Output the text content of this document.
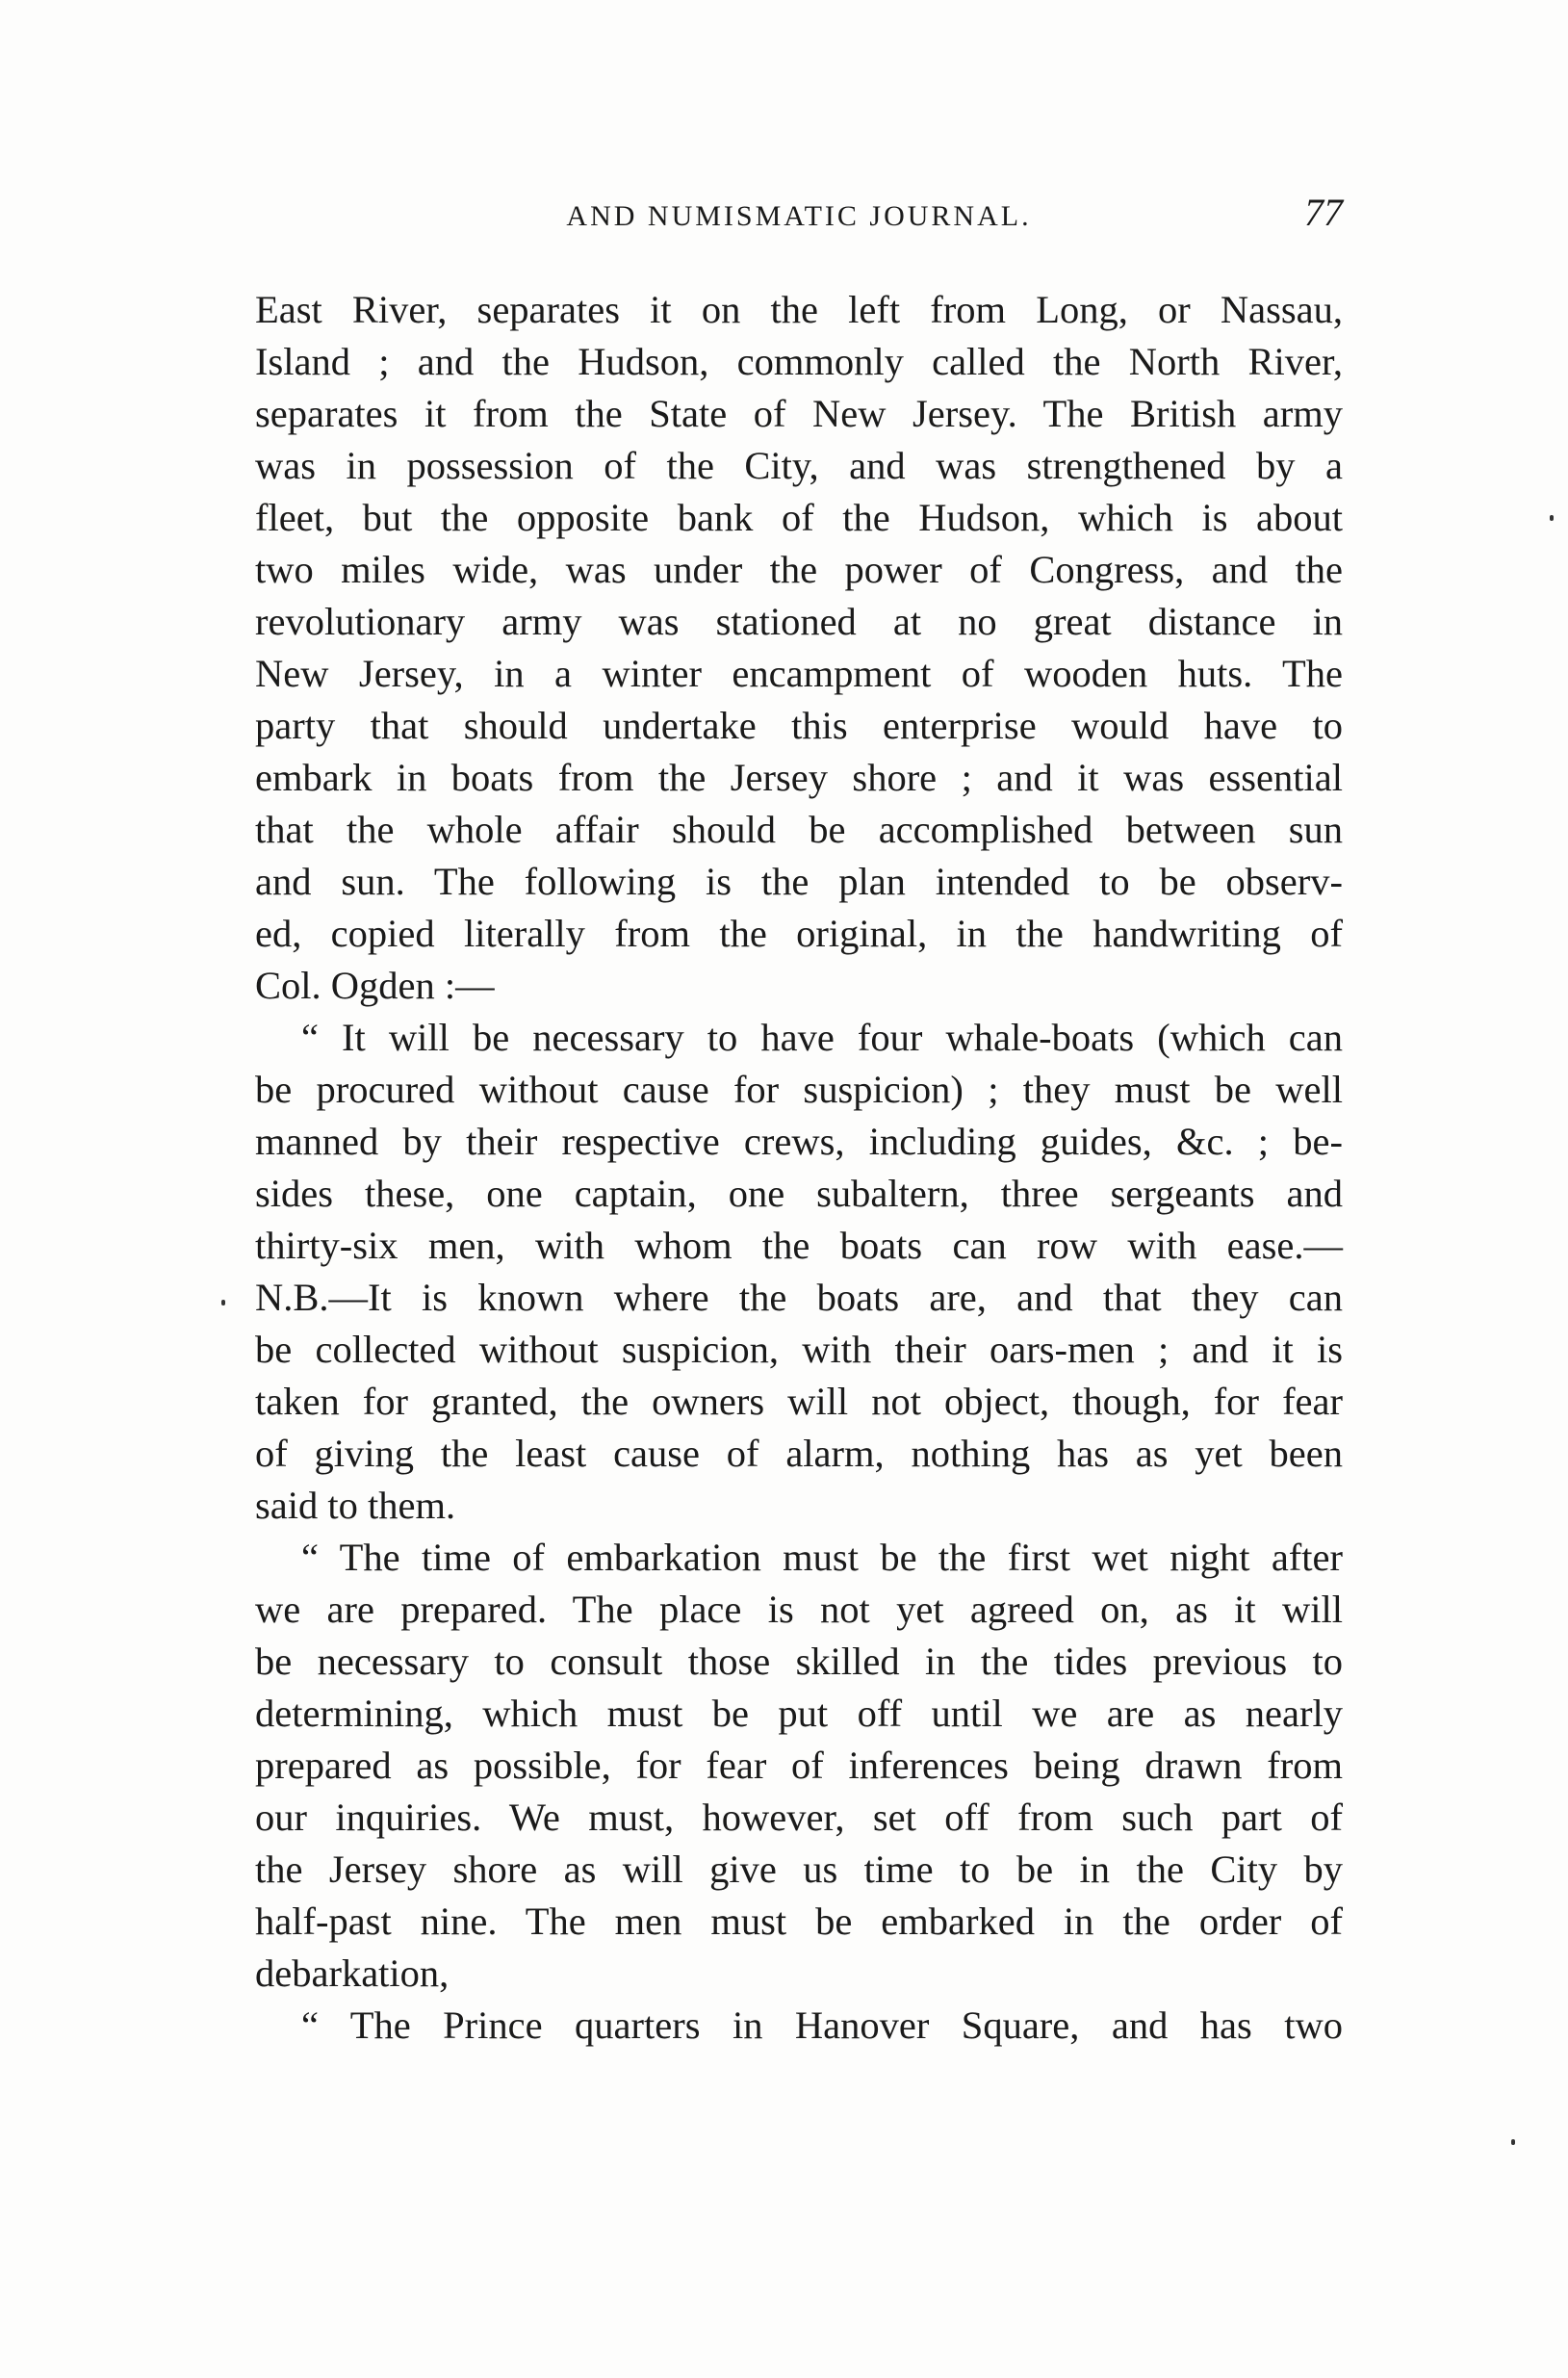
AND NUMISMATIC JOURNAL.	77
East River, separates it on the left from Long, or Nassau,
Island ; and the Hudson, commonly called the North River,
separates it from the State of New Jersey. The British army
was in possession of the City, and was strengthened by a
fleet, but the opposite bank of the Hudson, which is about
two miles wide, was under the power of Congress, and the
revolutionary army was stationed at no great distance in
New Jersey, in a winter encampment of wooden huts. The
party that should undertake this enterprise would have to
embark in boats from the Jersey shore ; and it was essential
that the whole affair should be accomplished between sun
and sun. The following is the plan intended to be observ-
ed, copied literally from the original, in the handwriting of
Col. Ogden :—
“ It will be necessary to have four whale-boats (which can
be procured without cause for suspicion) ; they must be well
manned by their respective crews, including guides, &c. ; be-
sides these, one captain, one subaltern, three sergeants and
thirty-six men, with whom the boats can row with ease.—
N.B.—It is known where the boats are, and that they can
be collected without suspicion, with their oars-men ; and it is
taken for granted, the owners will not object, though, for fear
of giving the least cause of alarm, nothing has as yet been
said to them.
“ The time of embarkation must be the first wet night after
we are prepared. The place is not yet agreed on, as it will
be necessary to consult those skilled in the tides previous to
determining, which must be put off until we are as nearly
prepared as possible, for fear of inferences being drawn from
our inquiries. We must, however, set off from such part of
the Jersey shore as will give us time to be in the City by
half-past nine. The men must be embarked in the order of
debarkation,
“ The Prince quarters in Hanover Square, and has two
